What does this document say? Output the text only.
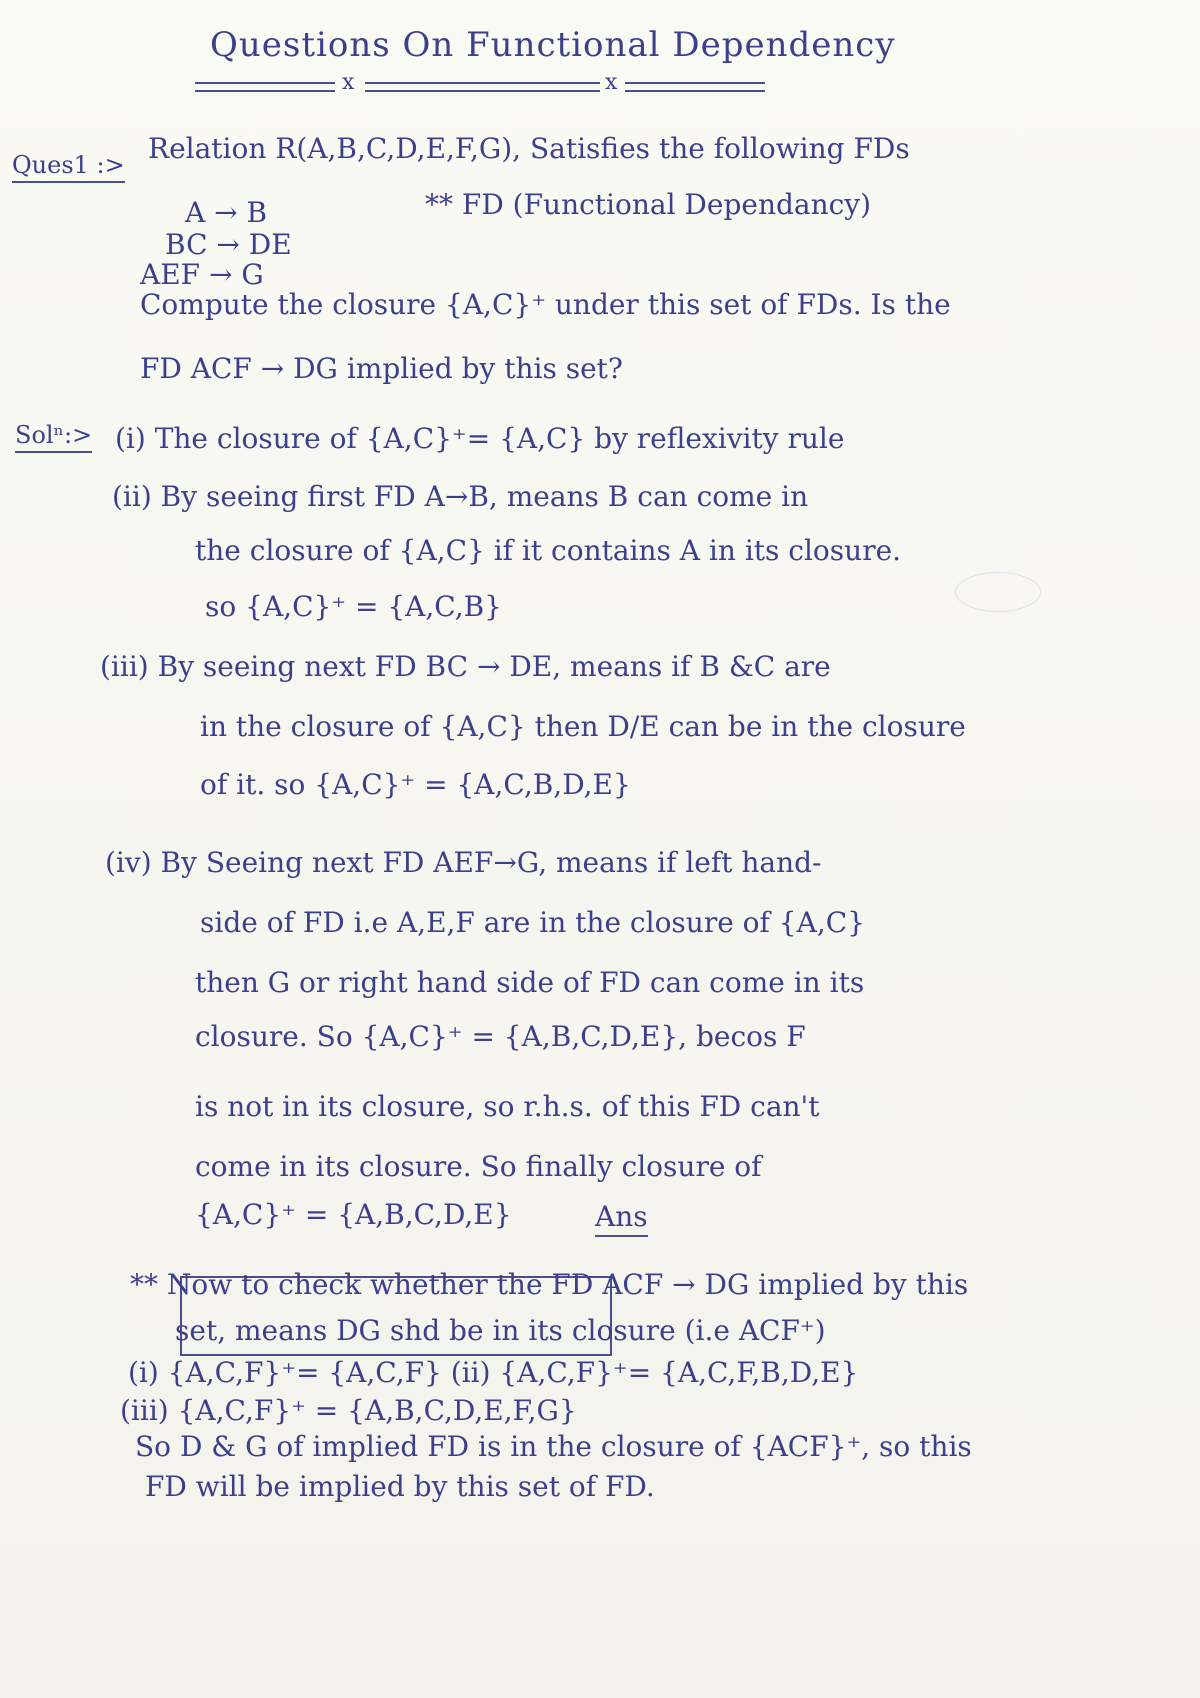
Questions On Functional Dependency
x	x
Ques1 :> Relation R(A,B,C,D,E,F,G), Satisfies the following FDs
** FD (Functional Dependancy)
A → B
BC → DE
AEF → G
Compute the closure {A,C}⁺ under this set of FDs. Is the
FD ACF → DG implied by this set?
Solⁿ:> (i) The closure of {A,C}⁺= {A,C} by reflexivity rule
(ii) By seeing first FD A→B, means B can come in
the closure of {A,C} if it contains A in its closure.
so {A,C}⁺ = {A,C,B}
(iii) By seeing next FD BC → DE, means if B &C are
in the closure of {A,C} then D/E can be in the closure
of it. so {A,C}⁺ = {A,C,B,D,E}
(iv) By Seeing next FD AEF→G, means if left hand-
side of FD i.e A,E,F are in the closure of {A,C}
then G or right hand side of FD can come in its
closure. So {A,C}⁺ = {A,B,C,D,E}, becos F
is not in its closure, so r.h.s. of this FD can't
come in its closure. So finally closure of
{A,C}⁺ = {A,B,C,D,E}	Ans
** Now to check whether the FD ACF → DG implied by this
set, means DG shd be in its closure (i.e ACF⁺)
(i) {A,C,F}⁺= {A,C,F} (ii) {A,C,F}⁺= {A,C,F,B,D,E}
(iii) {A,C,F}⁺ = {A,B,C,D,E,F,G}
So D & G of implied FD is in the closure of {ACF}⁺, so this
FD will be implied by this set of FD.
